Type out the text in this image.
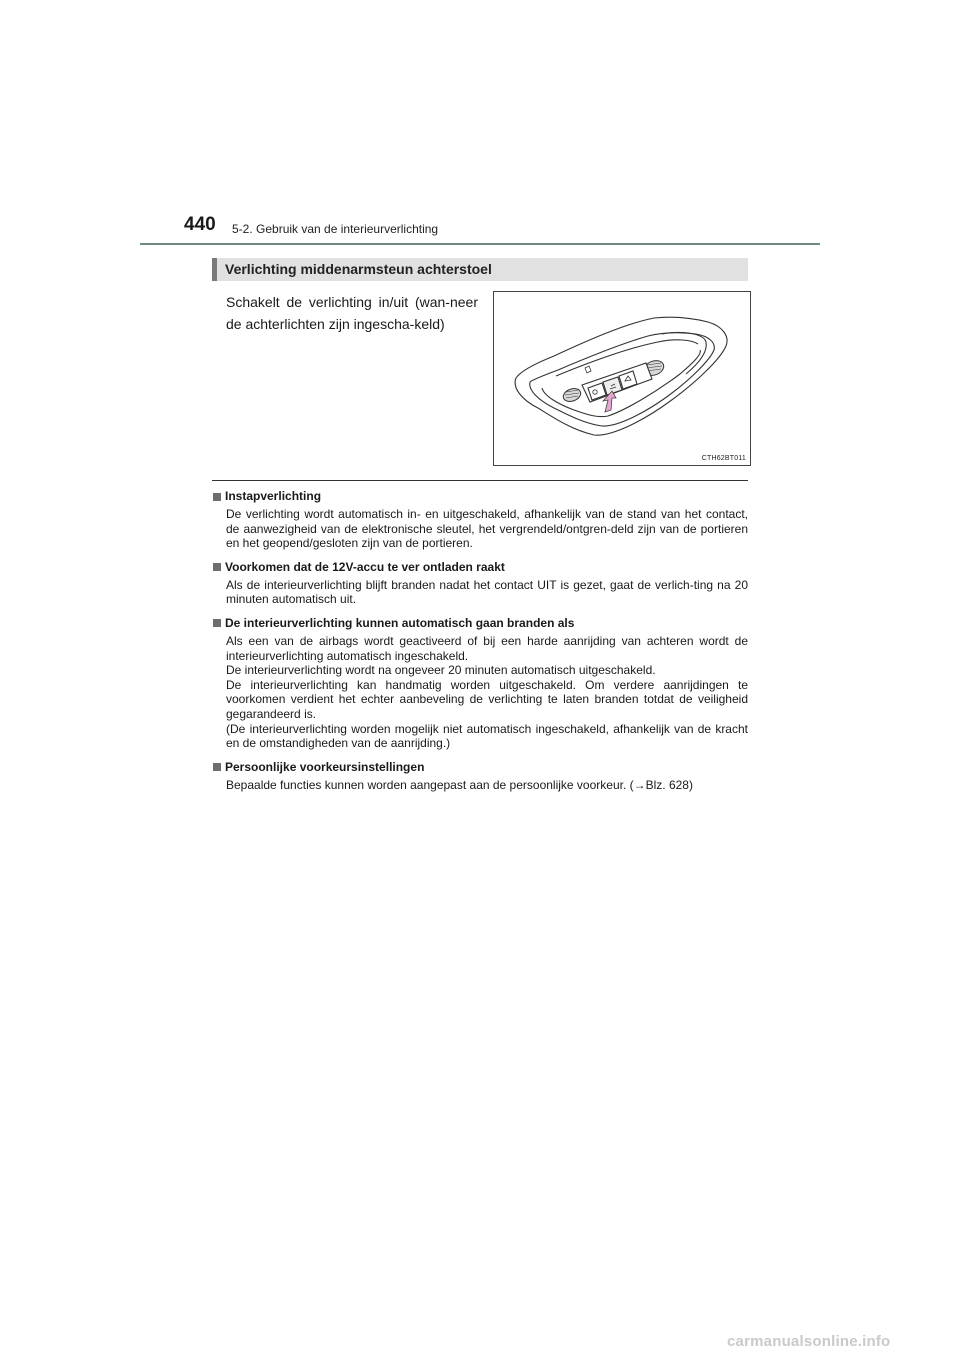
440 5-2. Gebruik van de interieurverlichting
Verlichting middenarmsteun achterstoel
Schakelt de verlichting in/uit (wan-neer de achterlichten zijn ingescha-keld)
CTH62BT011
Instapverlichting

De verlichting wordt automatisch in- en uitgeschakeld, afhankelijk van de stand van het contact, de aanwezigheid van de elektronische sleutel, het vergrendeld/ontgren-deld zijn van de portieren en het geopend/gesloten zijn van de portieren.

Voorkomen dat de 12V-accu te ver ontladen raakt

Als de interieurverlichting blijft branden nadat het contact UIT is gezet, gaat de verlich-ting na 20 minuten automatisch uit.

De interieurverlichting kunnen automatisch gaan branden als

Als een van de airbags wordt geactiveerd of bij een harde aanrijding van achteren wordt de interieurverlichting automatisch ingeschakeld.

De interieurverlichting wordt na ongeveer 20 minuten automatisch uitgeschakeld.

De interieurverlichting kan handmatig worden uitgeschakeld. Om verdere aanrijdingen te voorkomen verdient het echter aanbeveling de verlichting te laten branden totdat de veiligheid gegarandeerd is.

(De interieurverlichting worden mogelijk niet automatisch ingeschakeld, afhankelijk van de kracht en de omstandigheden van de aanrijding.)

Persoonlijke voorkeursinstellingen

Bepaalde functies kunnen worden aangepast aan de persoonlijke voorkeur. (→Blz. 628)

carmanualsonline.info
